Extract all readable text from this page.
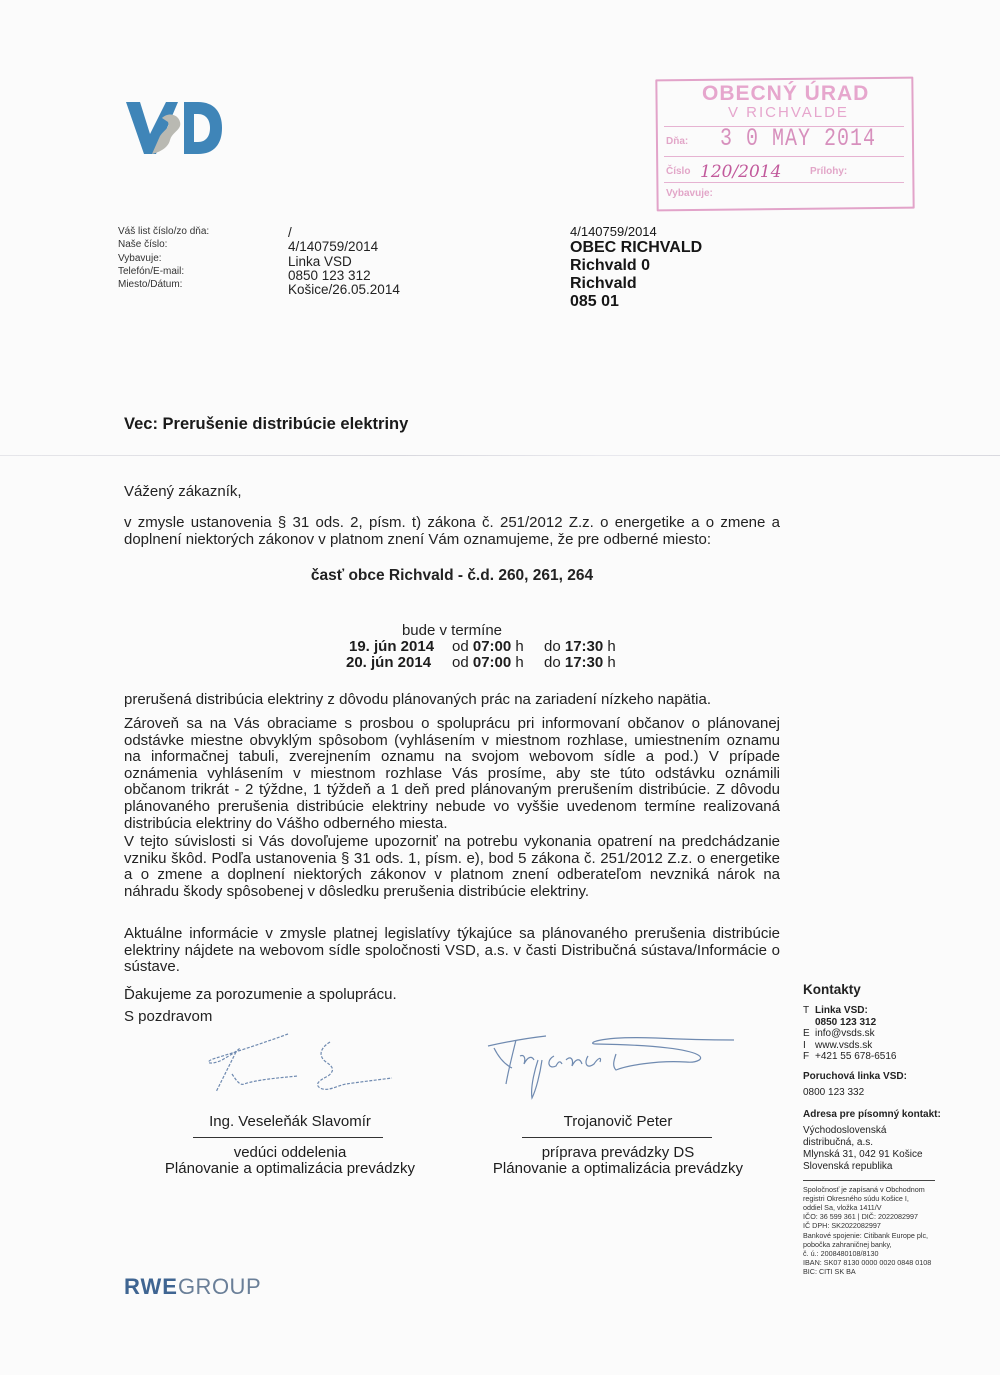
OBECNÝ ÚRAD
V RICHVALDE
Dňa: 3 0 MAY 2014
Číslo 120/2014	Prílohy:
Vybavuje:
Váš list číslo/zo dňa:
Naše číslo:
Vybavuje:
Telefón/E-mail:
Miesto/Dátum:
/
4/140759/2014
Linka VSD
0850 123 312
Košice/26.05.2014
4/140759/2014
OBEC RICHVALD
Richvald 0
Richvald
085 01
Vec: Prerušenie distribúcie elektriny
Vážený zákazník,
v zmysle ustanovenia § 31 ods. 2, písm. t) zákona č. 251/2012 Z.z. o energetike a o zmene a doplnení niektorých zákonov v platnom znení Vám oznamujeme, že pre odberné miesto:
časť obce Richvald - č.d. 260, 261, 264
bude v termíne
19. jún 2014 od 07:00 h do 17:30 h
20. jún 2014 od 07:00 h do 17:30 h
prerušená distribúcia elektriny z dôvodu plánovaných prác na zariadení nízkeho napätia.
Zároveň sa na Vás obraciame s prosbou o spoluprácu pri informovaní občanov o plánovanej odstávke miestne obvyklým spôsobom (vyhlásením v miestnom rozhlase, umiestnením oznamu na informačnej tabuli, zverejnením oznamu na svojom webovom sídle a pod.) V prípade oznámenia vyhlásením v miestnom rozhlase Vás prosíme, aby ste túto odstávku oznámili občanom trikrát - 2 týždne, 1 týždeň a 1 deň pred plánovaným prerušením distribúcie. Z dôvodu plánovaného prerušenia distribúcie elektriny nebude vo vyššie uvedenom termíne realizovaná distribúcia elektriny do Vášho odberného miesta.
V tejto súvislosti si Vás dovoľujeme upozorniť na potrebu vykonania opatrení na predchádzanie vzniku škôd. Podľa ustanovenia § 31 ods. 1, písm. e), bod 5 zákona č. 251/2012 Z.z. o energetike a o zmene a doplnení niektorých zákonov v platnom znení odberateľom nevzniká nárok na náhradu škody spôsobenej v dôsledku prerušenia distribúcie elektriny.
Aktuálne informácie v zmysle platnej legislatívy týkajúce sa plánovaného prerušenia distribúcie elektriny nájdete na webovom sídle spoločnosti VSD, a.s. v časti Distribučná sústava/Informácie o sústave.
Ďakujeme za porozumenie a spoluprácu.
S pozdravom
Ing. Veseleňák Slavomír
vedúci oddelenia
Plánovanie a optimalizácia prevádzky
Trojanovič Peter
príprava prevádzky DS
Plánovanie a optimalizácia prevádzky
Kontakty
T Linka VSD:
0850 123 312
E info@vsds.sk
I www.vsds.sk
F +421 55 678-6516
Poruchová linka VSD:
0800 123 332
Adresa pre písomný kontakt:
Východoslovenská
distribučná, a.s.
Mlynská 31, 042 91 Košice
Slovenská republika
Spoločnosť je zapísaná v Obchodnom
registri Okresného súdu Košice I,
oddiel Sa, vložka 1411/V
IČO: 36 599 361 | DIČ: 2022082997
IČ DPH: SK2022082997
Bankové spojenie: Citibank Europe plc,
pobočka zahraničnej banky,
č. ú.: 2008480108/8130
IBAN: SK07 8130 0000 0020 0848 0108
BIC: CITI SK BA
RWEGROUP
